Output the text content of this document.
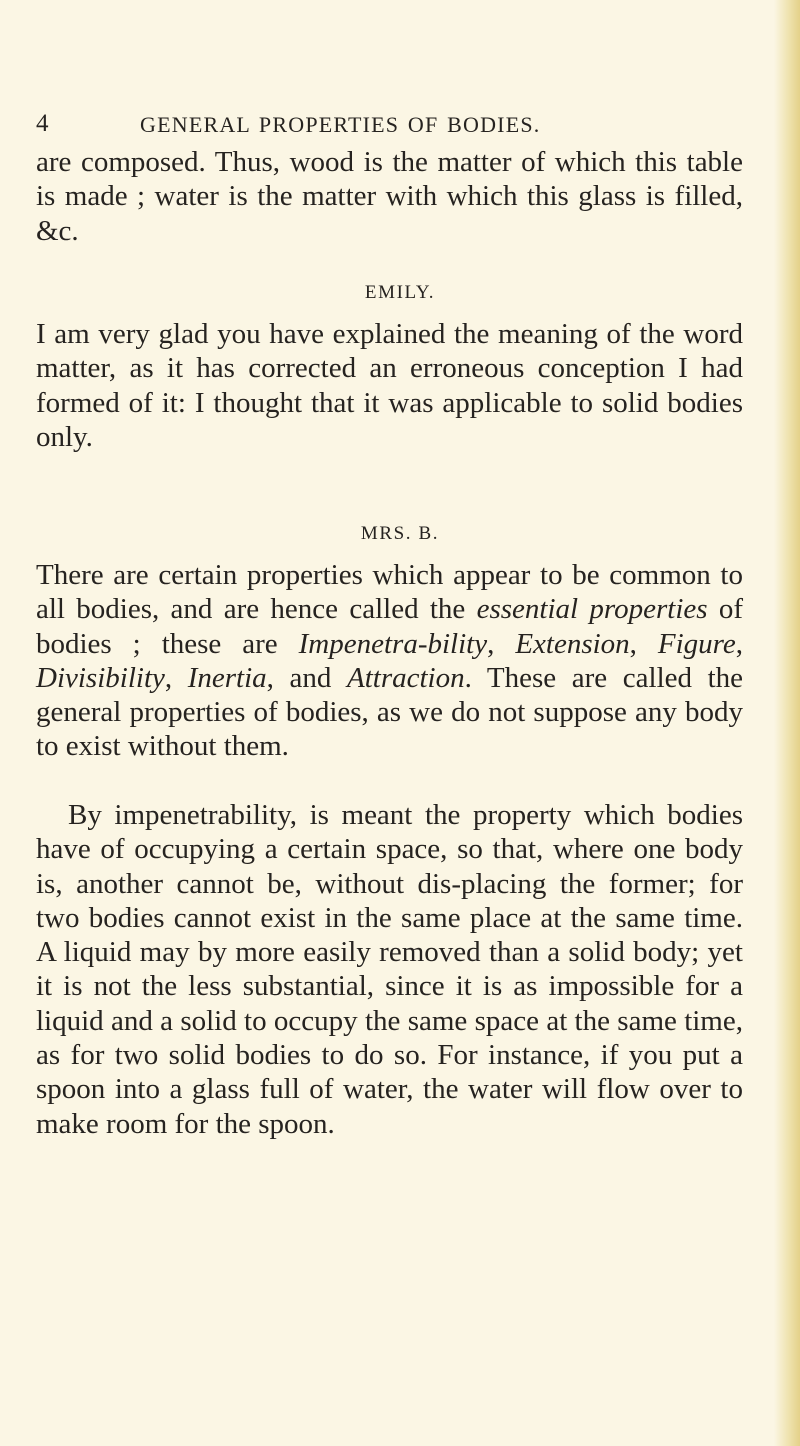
4	GENERAL PROPERTIES OF BODIES.

are composed. Thus, wood is the matter of which this table is made ; water is the matter with which this glass is filled, &c.

EMILY.

I am very glad you have explained the meaning of the word matter, as it has corrected an erroneous conception I had formed of it: I thought that it was applicable to solid bodies only.

MRS. B.

There are certain properties which appear to be common to all bodies, and are hence called the essential properties of bodies ; these are Impenetra-bility, Extension, Figure, Divisibility, Inertia, and Attraction. These are called the general properties of bodies, as we do not suppose any body to exist without them.

By impenetrability, is meant the property which bodies have of occupying a certain space, so that, where one body is, another cannot be, without dis-placing the former; for two bodies cannot exist in the same place at the same time. A liquid may by more easily removed than a solid body; yet it is not the less substantial, since it is as impossible for a liquid and a solid to occupy the same space at the same time, as for two solid bodies to do so. For instance, if you put a spoon into a glass full of water, the water will flow over to make room for the spoon.
